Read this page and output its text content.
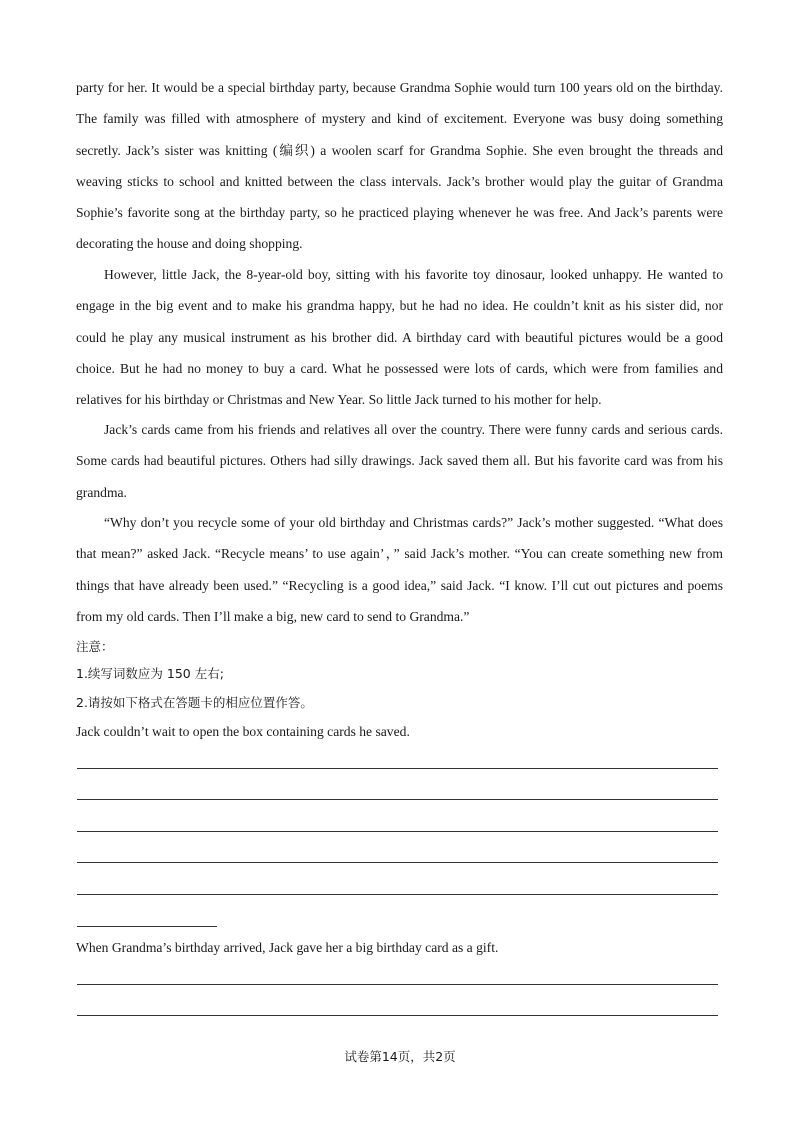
party for her. It would be a special birthday party, because Grandma Sophie would turn 100 years old on the birthday. The family was filled with atmosphere of mystery and kind of excitement. Everyone was busy doing something secretly. Jack’s sister was knitting (编织) a woolen scarf for Grandma Sophie. She even brought the threads and weaving sticks to school and knitted between the class intervals. Jack’s brother would play the guitar of Grandma Sophie’s favorite song at the birthday party, so he practiced playing whenever he was free. And Jack’s parents were decorating the house and doing shopping.

However, little Jack, the 8-year-old boy, sitting with his favorite toy dinosaur, looked unhappy. He wanted to engage in the big event and to make his grandma happy, but he had no idea. He couldn’t knit as his sister did, nor could he play any musical instrument as his brother did. A birthday card with beautiful pictures would be a good choice. But he had no money to buy a card. What he possessed were lots of cards, which were from families and relatives for his birthday or Christmas and New Year. So little Jack turned to his mother for help.

Jack’s cards came from his friends and relatives all over the country. There were funny cards and serious cards. Some cards had beautiful pictures. Others had silly drawings. Jack saved them all. But his favorite card was from his grandma.

“Why don’t you recycle some of your old birthday and Christmas cards?” Jack’s mother suggested. “What does that mean?” asked Jack. “Recycle means’ to use again’，” said Jack’s mother. “You can create something new from things that have already been used.” “Recycling is a good idea,” said Jack. “I know. I’ll cut out pictures and poems from my old cards. Then I’ll make a big, new card to send to Grandma.”

注意：
1.续写词数应为 150 左右;
2.请按如下格式在答题卡的相应位置作答。
Jack couldn’t wait to open the box containing cards he saved.
When Grandma’s birthday arrived, Jack gave her a big birthday card as a gift.
试卷第14页，共2页
